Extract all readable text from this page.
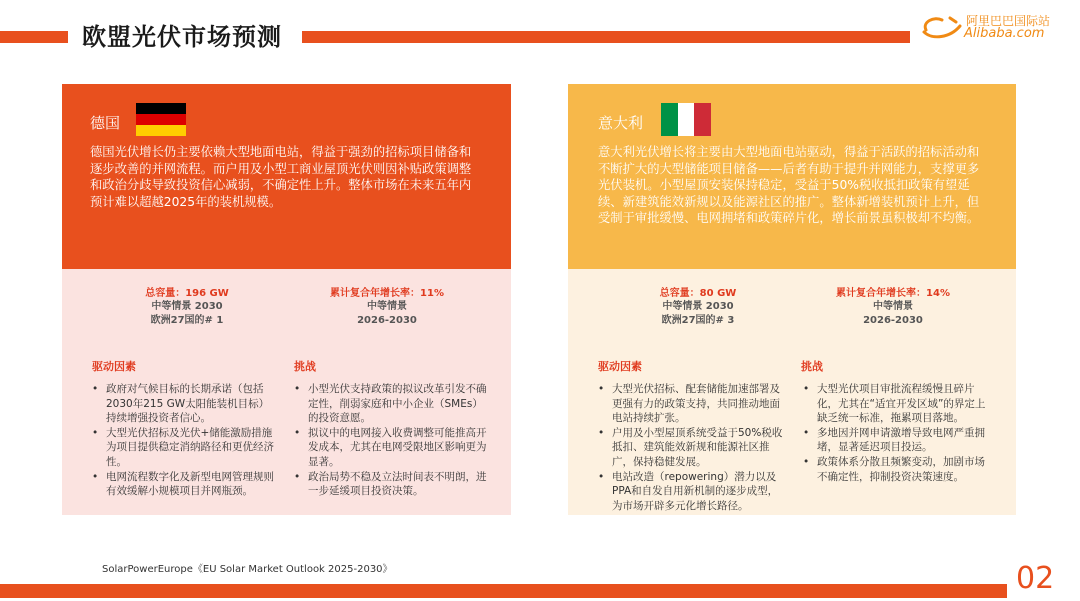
欧盟光伏市场预测
阿里巴巴国际站
Alibaba.com
德国
德国光伏增长仍主要依赖大型地面电站，得益于强劲的招标项目储备和逐步改善的并网流程。而户用及小型工商业屋顶光伏则因补贴政策调整和政治分歧导致投资信心减弱，不确定性上升。整体市场在未来五年内预计难以超越2025年的装机规模。
总容量：196 GW
中等情景 2030
欧洲27国的# 1
累计复合年增长率：11%
中等情景
2026-2030
驱动因素	挑战
• 政府对气候目标的长期承诺（包括2030年215 GW太阳能装机目标）持续增强投资者信心。
• 大型光伏招标及光伏+储能激励措施为项目提供稳定消纳路径和更优经济性。
• 电网流程数字化及新型电网管理规则有效缓解小规模项目并网瓶颈。
• 小型光伏支持政策的拟议改革引发不确定性，削弱家庭和中小企业（SMEs）的投资意愿。
• 拟议中的电网接入收费调整可能推高开发成本，尤其在电网受限地区影响更为显著。
• 政治局势不稳及立法时间表不明朗，进一步延缓项目投资决策。
意大利
意大利光伏增长将主要由大型地面电站驱动，得益于活跃的招标活动和不断扩大的大型储能项目储备——后者有助于提升并网能力，支撑更多光伏装机。小型屋顶安装保持稳定，受益于50%税收抵扣政策有望延续、新建筑能效新规以及能源社区的推广。整体新增装机预计上升，但受制于审批缓慢、电网拥堵和政策碎片化，增长前景虽积极却不均衡。
总容量：80 GW
中等情景 2030
欧洲27国的# 3
累计复合年增长率：14%
中等情景
2026-2030
驱动因素	挑战
• 大型光伏招标、配套储能加速部署及更强有力的政策支持，共同推动地面电站持续扩张。
• 户用及小型屋顶系统受益于50%税收抵扣、建筑能效新规和能源社区推广，保持稳健发展。
• 电站改造（repowering）潜力以及PPA和自发自用新机制的逐步成型，为市场开辟多元化增长路径。
• 大型光伏项目审批流程缓慢且碎片化，尤其在“适宜开发区域”的界定上缺乏统一标准，拖累项目落地。
• 多地因并网申请激增导致电网严重拥堵，显著延迟项目投运。
• 政策体系分散且频繁变动，加剧市场不确定性，抑制投资决策速度。
SolarPowerEurope《EU Solar Market Outlook 2025-2030》	02
